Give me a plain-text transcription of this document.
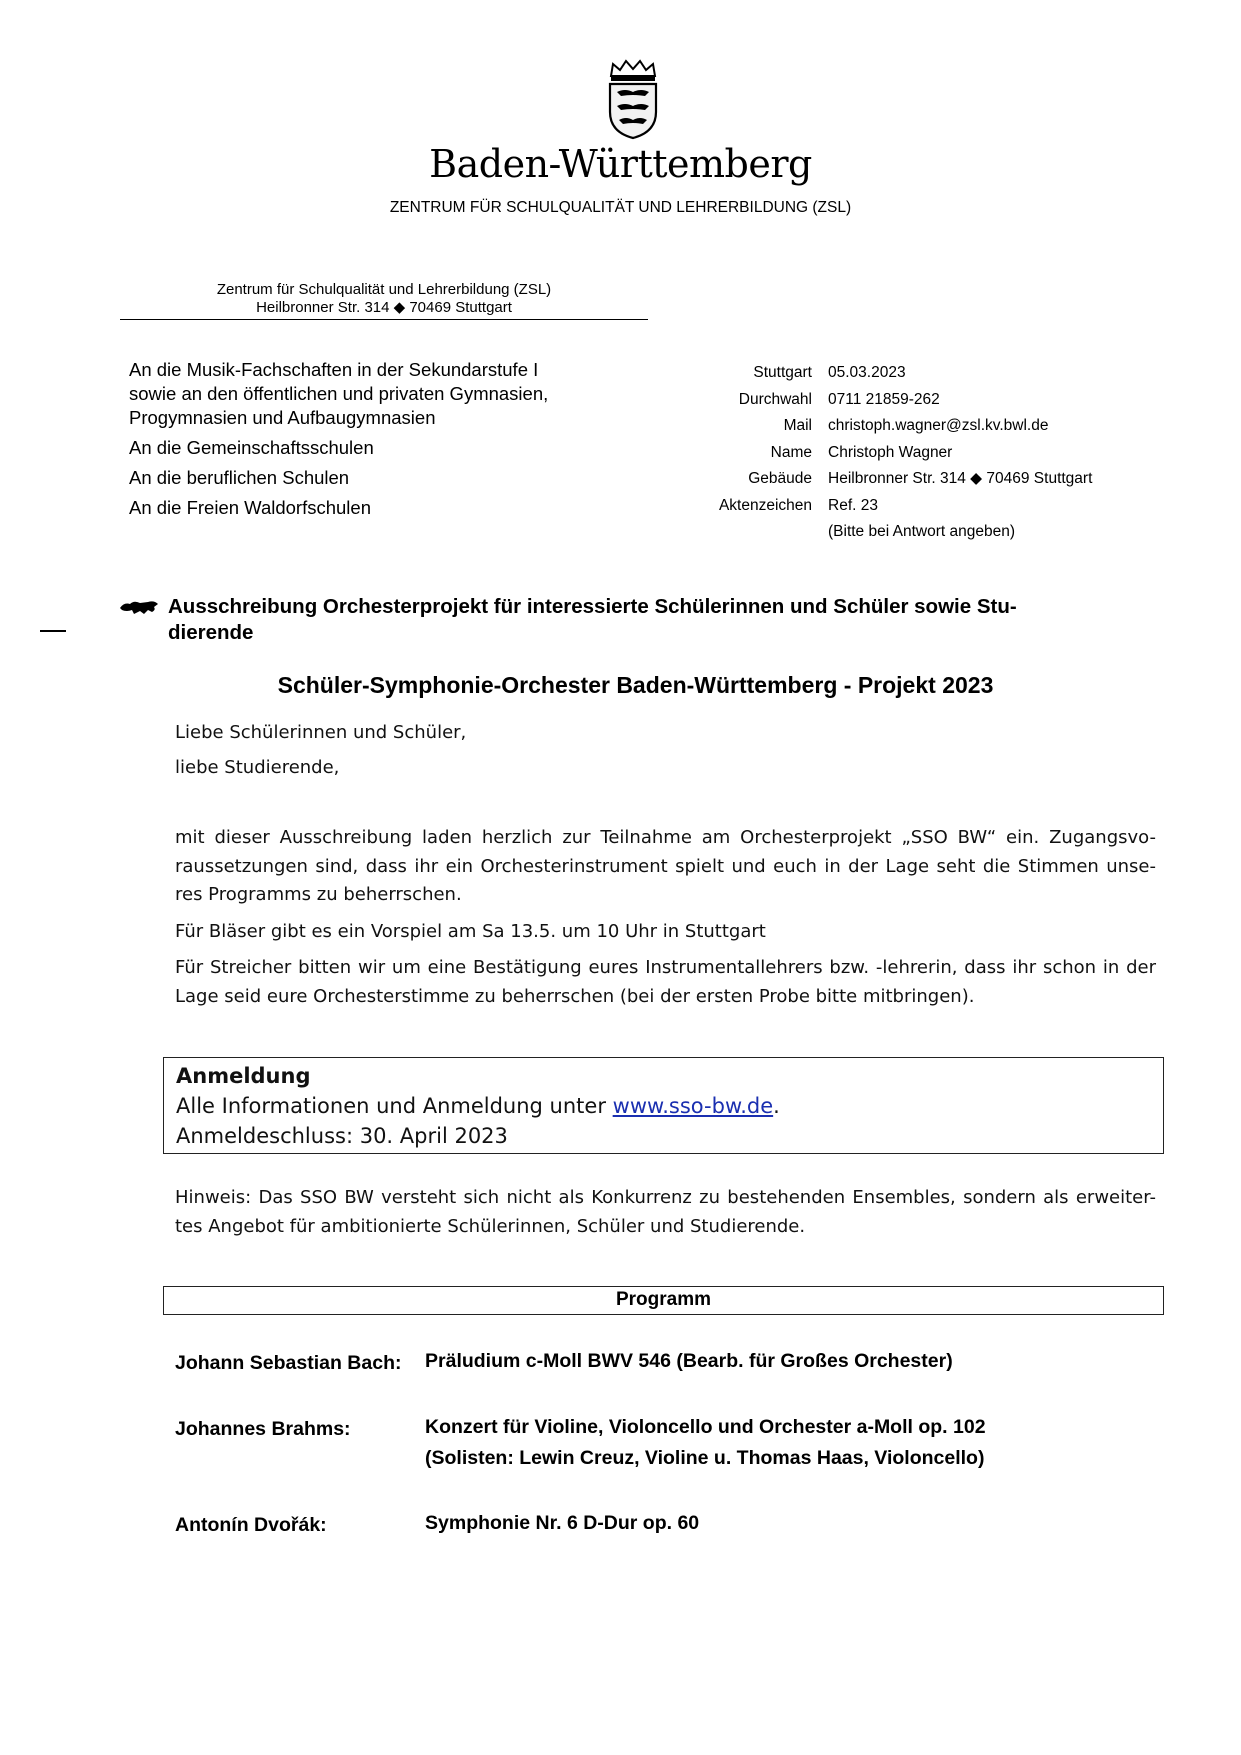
Baden-Württemberg
ZENTRUM FÜR SCHULQUALITÄT UND LEHRERBILDUNG (ZSL)
Zentrum für Schulqualität und Lehrerbildung (ZSL)
Heilbronner Str. 314 ◆ 70469 Stuttgart
An die Musik-Fachschaften in der Sekundarstufe I
sowie an den öffentlichen und privaten Gymnasien,
Progymnasien und Aufbaugymnasien
An die Gemeinschaftsschulen
An die beruflichen Schulen
An die Freien Waldorfschulen
Stuttgart	05.03.2023
Durchwahl	0711 21859-262
Mail	christoph.wagner@zsl.kv.bwl.de
Name	Christoph Wagner
Gebäude	Heilbronner Str. 314 ◆ 70469 Stuttgart
Aktenzeichen	Ref. 23
(Bitte bei Antwort angeben)
Ausschreibung Orchesterprojekt für interessierte Schülerinnen und Schüler sowie Stu-
dierende
Schüler-Symphonie-Orchester Baden-Württemberg - Projekt 2023
Liebe Schülerinnen und Schüler,
liebe Studierende,
mit dieser Ausschreibung laden herzlich zur Teilnahme am Orchesterprojekt „SSO BW“ ein. Zugangsvo- raussetzungen sind, dass ihr ein Orchesterinstrument spielt und euch in der Lage seht die Stimmen unse- res Programms zu beherrschen.
Für Bläser gibt es ein Vorspiel am Sa 13.5. um 10 Uhr in Stuttgart
Für Streicher bitten wir um eine Bestätigung eures Instrumentallehrers bzw. -lehrerin, dass ihr schon in der Lage seid eure Orchesterstimme zu beherrschen (bei der ersten Probe bitte mitbringen).
Anmeldung
Alle Informationen und Anmeldung unter www.sso-bw.de.
Anmeldeschluss: 30. April 2023
Hinweis: Das SSO BW versteht sich nicht als Konkurrenz zu bestehenden Ensembles, sondern als erweiter- tes Angebot für ambitionierte Schülerinnen, Schüler und Studierende.
Programm
Johann Sebastian Bach: Präludium c-Moll BWV 546 (Bearb. für Großes Orchester)
Johannes Brahms:	Konzert für Violine, Violoncello und Orchester a-Moll op. 102
(Solisten: Lewin Creuz, Violine u. Thomas Haas, Violoncello)
Antonín Dvořák:	Symphonie Nr. 6 D-Dur op. 60
